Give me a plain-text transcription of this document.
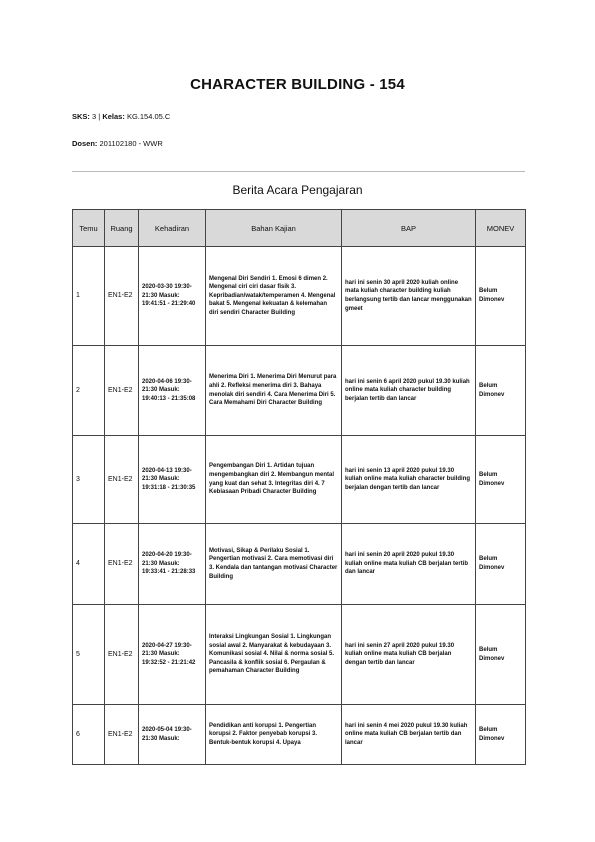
CHARACTER BUILDING - 154
SKS: 3 | Kelas: KG.154.05.C
Dosen: 201102180 - WWR
Berita Acara Pengajaran
Temu	Ruang	Kehadiran	Bahan Kajian	BAP	MONEV
1	EN1-E2	2020-03-30 19:30-21:30 Masuk: 19:41:51 - 21:29:40	Mengenal Diri Sendiri 1. Emosi 6 dimen 2. Mengenal ciri ciri dasar fisik 3. Kepribadian/watak/temperamen 4. Mengenal bakat 5. Mengenal kekuatan & kelemahan diri sendiri Character Building	hari ini senin 30 april 2020 kuliah online mata kuliah character building kuliah berlangsung tertib dan lancar menggunakan gmeet	Belum Dimonev
2	EN1-E2	2020-04-06 19:30-21:30 Masuk: 19:40:13 - 21:35:08	Menerima Diri 1. Menerima Diri Menurut para ahli 2. Refleksi menerima diri 3. Bahaya menolak diri sendiri 4. Cara Menerima Diri 5. Cara Memahami Diri Character Building	hari ini senin 6 april 2020 pukul 19.30 kuliah online mata kuliah character building berjalan tertib dan lancar	Belum Dimonev
3	EN1-E2	2020-04-13 19:30-21:30 Masuk: 19:31:18 - 21:30:35	Pengembangan Diri 1. Artidan tujuan mengembangkan diri 2. Membangun mental yang kuat dan sehat 3. Integritas diri 4. 7 Kebiasaan Pribadi Character Building	hari ini senin 13 april 2020 pukul 19.30 kuliah online mata kuliah character building berjalan dengan tertib dan lancar	Belum Dimonev
4	EN1-E2	2020-04-20 19:30-21:30 Masuk: 19:33:41 - 21:28:33	Motivasi, Sikap & Perilaku Sosial 1. Pengertian motivasi 2. Cara memotivasi diri 3. Kendala dan tantangan motivasi Character Building	hari ini senin 20 april 2020 pukul 19.30 kuliah online mata kuliah CB berjalan tertib dan lancar	Belum Dimonev
5	EN1-E2	2020-04-27 19:30-21:30 Masuk: 19:32:52 - 21:21:42	Interaksi Lingkungan Sosial 1. Lingkungan sosial awal 2. Manyarakat & kebudayaan 3. Komunikasi sosial 4. Nilai & norma sosial 5. Pancasila & konflik sosial 6. Pergaulan & pemahaman Character Building	hari ini senin 27 april 2020 pukul 19.30 kuliah online mata kuliah CB berjalan dengan tertib dan lancar	Belum Dimonev
6	EN1-E2	2020-05-04 19:30-21:30 Masuk:	Pendidikan anti korupsi 1. Pengertian korupsi 2. Faktor penyebab korupsi 3. Bentuk-bentuk korupsi 4. Upaya	hari ini senin 4 mei 2020 pukul 19.30 kuliah online mata kuliah CB berjalan tertib dan lancar	Belum Dimonev
